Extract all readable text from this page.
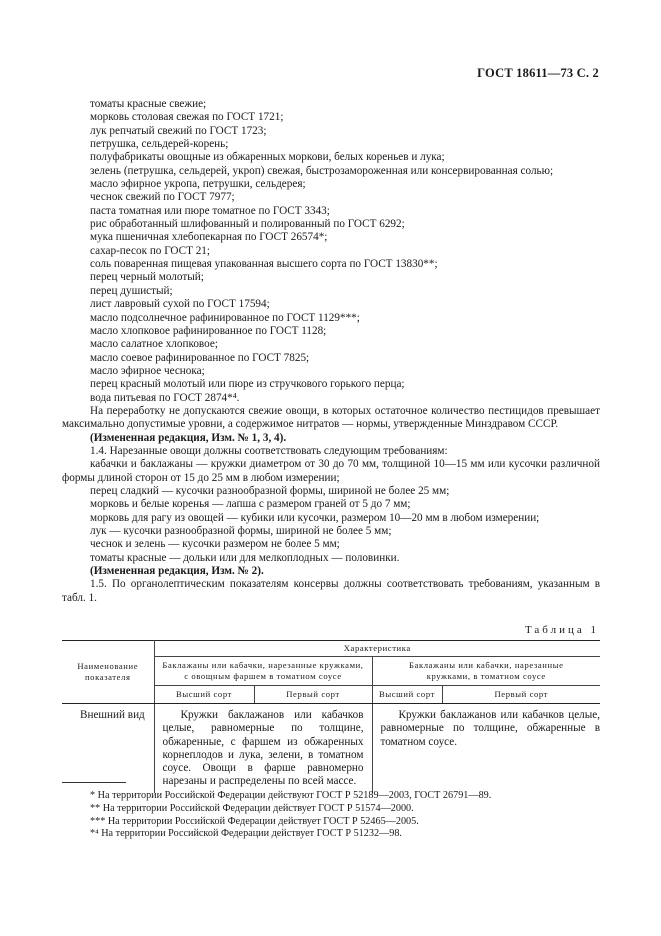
ГОСТ 18611—73 С. 2

томаты красные свежие;

морковь столовая свежая по ГОСТ 1721;

лук репчатый свежий по ГОСТ 1723;

петрушка, сельдерей-корень;

полуфабрикаты овощные из обжаренных моркови, белых кореньев и лука;

зелень (петрушка, сельдерей, укроп) свежая, быстрозамороженная или консервированная солью;

масло эфирное укропа, петрушки, сельдерея;

чеснок свежий по ГОСТ 7977;

паста томатная или пюре томатное по ГОСТ 3343;

рис обработанный шлифованный и полированный по ГОСТ 6292;

мука пшеничная хлебопекарная по ГОСТ 26574*;

сахар-песок по ГОСТ 21;

соль поваренная пищевая упакованная высшего сорта по ГОСТ 13830**;

перец черный молотый;

перец душистый;

лист лавровый сухой по ГОСТ 17594;

масло подсолнечное рафинированное по ГОСТ 1129***;

масло хлопковое рафинированное по ГОСТ 1128;

масло салатное хлопковое;

масло соевое рафинированное по ГОСТ 7825;

масло эфирное чеснока;

перец красный молотый или пюре из стручкового горького перца;

вода питьевая по ГОСТ 2874*⁴.

На переработку не допускаются свежие овощи, в которых остаточное количество пестицидов превышает максимально допустимые уровни, а содержимое нитратов — нормы, утвержденные Минздравом СССР.

(Измененная редакция, Изм. № 1, 3, 4).

1.4. Нарезанные овощи должны соответствовать следующим требованиям:

кабачки и баклажаны — кружки диаметром от 30 до 70 мм, толщиной 10—15 мм или кусочки различной формы длиной сторон от 15 до 25 мм в любом измерении;

перец сладкий — кусочки разнообразной формы, шириной не более 25 мм;

морковь и белые коренья — лапша с размером граней от 5 до 7 мм;

морковь для рагу из овощей — кубики или кусочки, размером 10—20 мм в любом измерении;

лук — кусочки разнообразной формы, шириной не более 5 мм;

чеснок и зелень — кусочки размером не более 5 мм;

томаты красные — дольки или для мелкоплодных — половинки.

(Измененная редакция, Изм. № 2).

1.5. По органолептическим показателям консервы должны соответствовать требованиям, указанным в табл. 1.

Таблица 1
Наименование показателя	Характеристика			
	Баклажаны или кабачки, нарезанные кружками, с овощным фаршем в томатном соусе		Баклажаны или кабачки, нарезанные кружками, в томатном соусе	
	Высший сорт	Первый сорт	Высший сорт	Первый сорт
Внешний вид	Кружки баклажанов или кабачков целые, равномерные по толщине, обжаренные, с фаршем из обжаренных корнеплодов и лука, зелени, в томатном соусе. Овощи в фарше равномерно нарезаны и распределены по всей массе.		Кружки баклажанов или кабачков целые, равномерные по толщине, обжаренные в томатном соусе.	

* На территории Российской Федерации действуют ГОСТ Р 52189—2003, ГОСТ 26791—89.

** На территории Российской Федерации действует ГОСТ Р 51574—2000.

*** На территории Российской Федерации действует ГОСТ Р 52465—2005.

*⁴ На территории Российской Федерации действует ГОСТ Р 51232—98.
